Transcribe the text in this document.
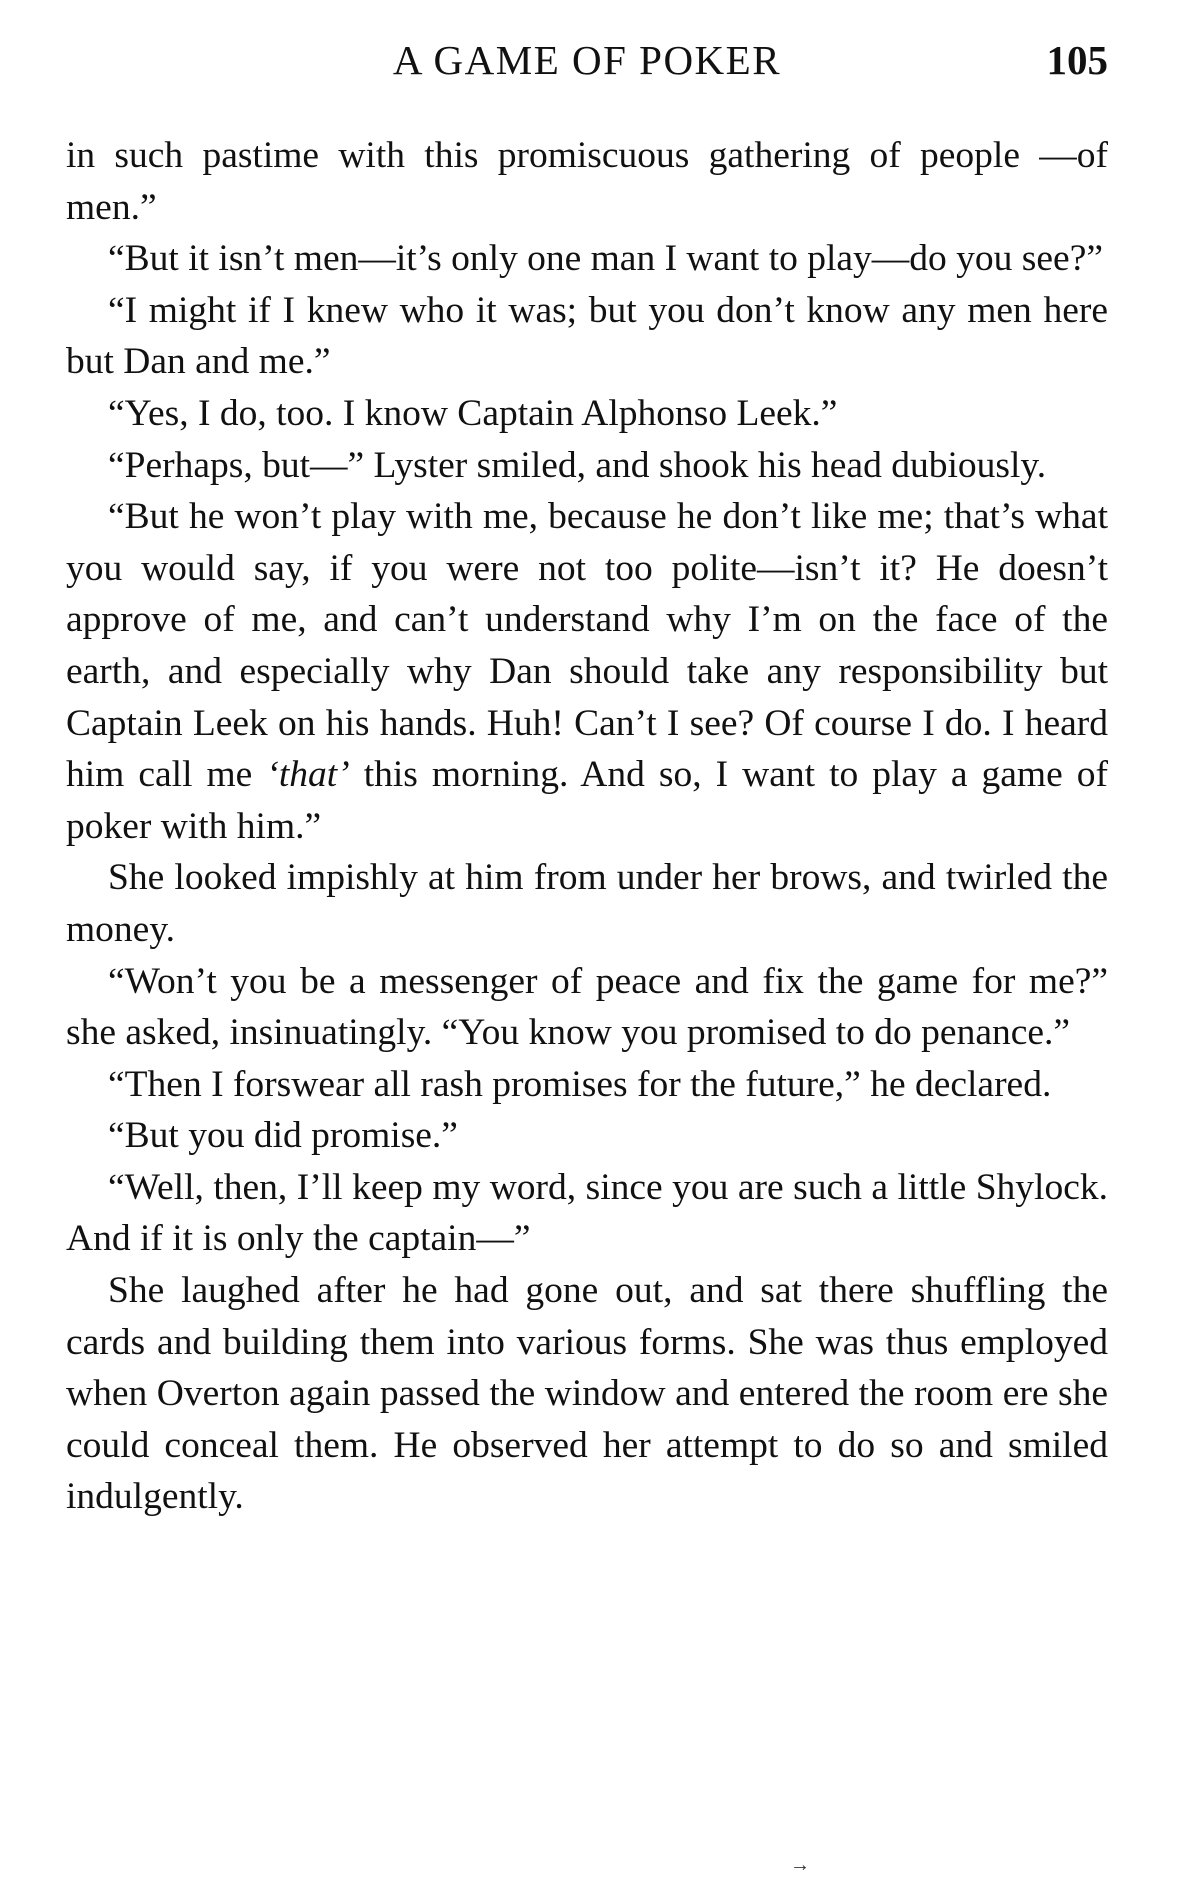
A GAME OF POKER	105

in such pastime with this promiscuous gathering of people —of men.”

“But it isn’t men—it’s only one man I want to play—do you see?”

“I might if I knew who it was; but you don’t know any men here but Dan and me.”

“Yes, I do, too. I know Captain Alphonso Leek.”

“Perhaps, but—” Lyster smiled, and shook his head dubiously.

“But he won’t play with me, because he don’t like me; that’s what you would say, if you were not too polite—isn’t it? He doesn’t approve of me, and can’t understand why I’m on the face of the earth, and especially why Dan should take any responsibility but Captain Leek on his hands. Huh! Can’t I see? Of course I do. I heard him call me ‘that’ this morning. And so, I want to play a game of poker with him.”

She looked impishly at him from under her brows, and twirled the money.

“Won’t you be a messenger of peace and fix the game for me?” she asked, insinuatingly. “You know you promised to do penance.”

“Then I forswear all rash promises for the future,” he declared.

“But you did promise.”

“Well, then, I’ll keep my word, since you are such a little Shylock. And if it is only the captain—”

She laughed after he had gone out, and sat there shuffling the cards and building them into various forms. She was thus employed when Overton again passed the window and entered the room ere she could conceal them. He observed her attempt to do so and smiled indulgently.

→
